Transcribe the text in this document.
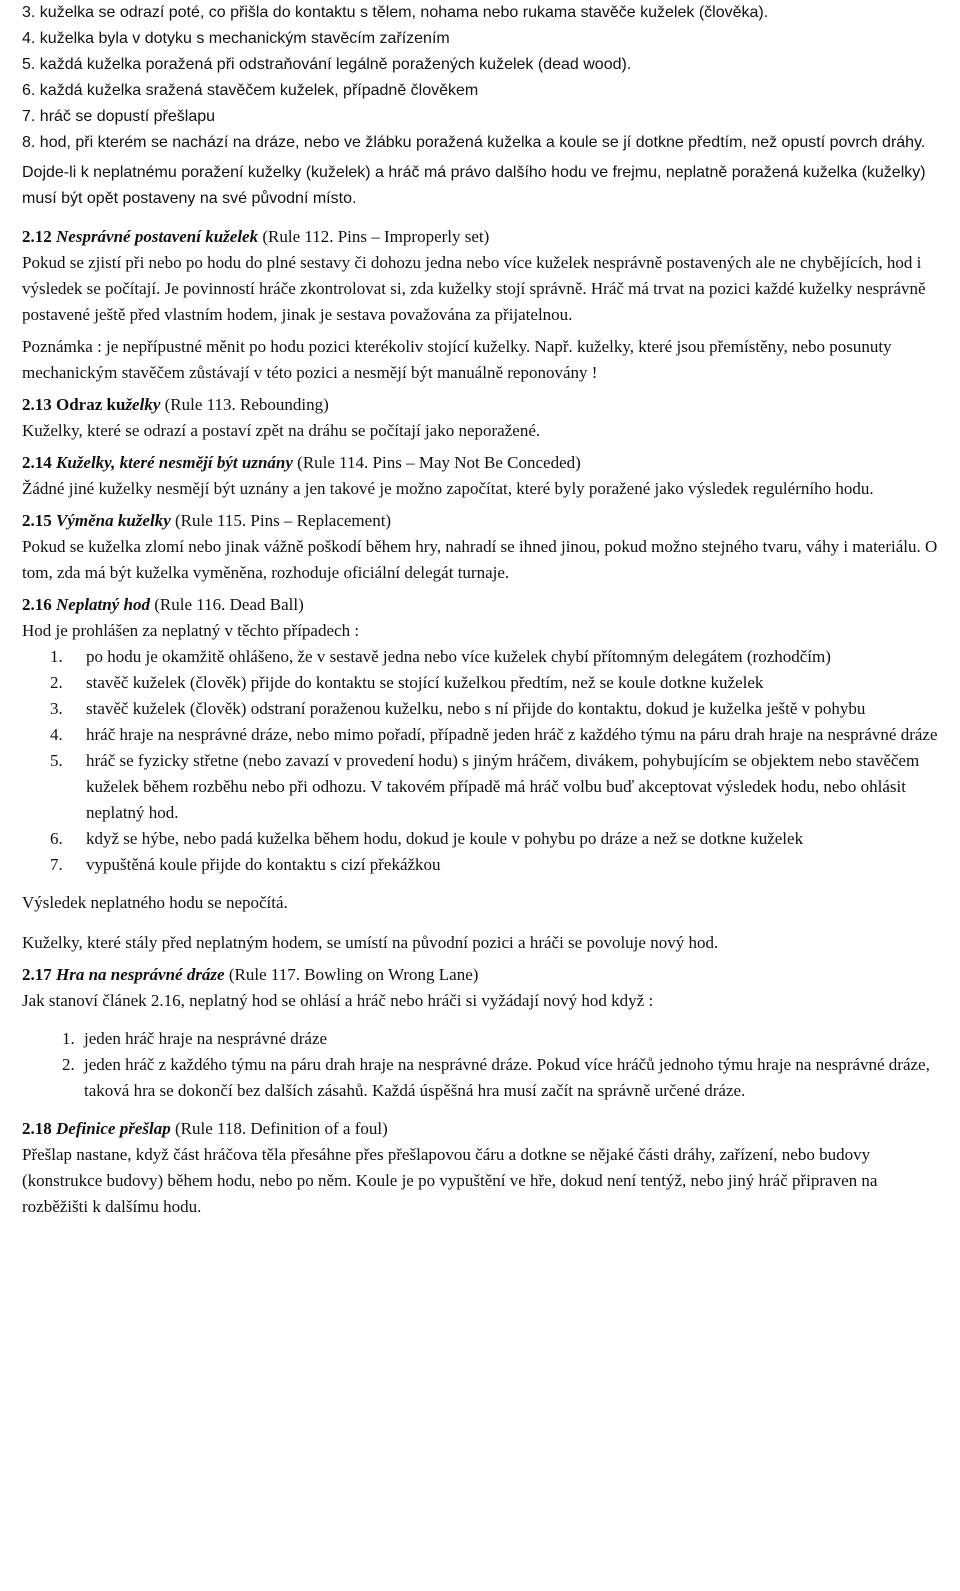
3. kuželka se odrazí poté, co přišla do kontaktu s tělem, nohama nebo rukama stavěče kuželek (člověka).

4. kuželka byla v dotyku s mechanickým stavěcím zařízením

5. každá kuželka poražená při odstraňování legálně poražených kuželek (dead wood).

6. každá kuželka sražená stavěčem kuželek, případně člověkem

7. hráč se dopustí přešlapu

8. hod, při kterém se nachází na dráze, nebo ve žlábku poražená kuželka a koule se jí dotkne předtím, než opustí povrch dráhy.

Dojde-li k neplatnému poražení kuželky (kuželek) a hráč má právo dalšího hodu ve frejmu, neplatně poražená kuželka (kuželky) musí být opět postaveny na své původní místo.

2.12 Nesprávné postavení kuželek (Rule 112. Pins – Improperly set)

Pokud se zjistí při nebo po hodu do plné sestavy či dohozu jedna nebo více kuželek nesprávně postavených ale ne chybějících, hod i výsledek se počítají. Je povinností hráče zkontrolovat si, zda kuželky stojí správně. Hráč má trvat na pozici každé kuželky nesprávně postavené ještě před vlastním hodem, jinak je sestava považována za přijatelnou.

Poznámka : je nepřípustné měnit po hodu pozici kterékoliv stojící kuželky. Např. kuželky, které jsou přemístěny, nebo posunuty mechanickým stavěčem zůstávají v této pozici a nesmějí být manuálně reponovány !

2.13 Odraz kuželky (Rule 113. Rebounding)

Kuželky, které se odrazí a postaví zpět na dráhu se počítají jako neporažené.

2.14 Kuželky, které nesmějí být uznány (Rule 114. Pins – May Not Be Conceded)

Žádné jiné kuželky nesmějí být uznány a jen takové je možno započítat, které byly poražené jako výsledek regulérního hodu.

2.15 Výměna kuželky (Rule 115. Pins – Replacement)

Pokud se kuželka zlomí nebo jinak vážně poškodí během hry, nahradí se ihned jinou, pokud možno stejného tvaru, váhy i materiálu. O tom, zda má být kuželka vyměněna, rozhoduje oficiální delegát turnaje.

2.16 Neplatný hod (Rule 116. Dead Ball)

Hod je prohlášen za neplatný v těchto případech :

1. po hodu je okamžitě ohlášeno, že v sestavě jedna nebo více kuželek chybí přítomným delegátem (rozhodčím)
2. stavěč kuželek (člověk) přijde do kontaktu se stojící kuželkou předtím, než se koule dotkne kuželek
3. stavěč kuželek (člověk) odstraní poraženou kuželku, nebo s ní přijde do kontaktu, dokud je kuželka ještě v pohybu
4. hráč hraje na nesprávné dráze, nebo mimo pořadí, případně jeden hráč z každého týmu na páru drah hraje na nesprávné dráze
5. hráč se fyzicky střetne (nebo zavazí v provedení hodu) s jiným hráčem, divákem, pohybujícím se objektem nebo stavěčem kuželek během rozběhu nebo při odhozu. V takovém případě má hráč volbu buď akceptovat výsledek hodu, nebo ohlásit neplatný hod.
6. když se hýbe, nebo padá kuželka během hodu, dokud je koule v pohybu po dráze a než se dotkne kuželek
7. vypuštěná koule přijde do kontaktu s cizí překážkou

Výsledek neplatného hodu se nepočítá.

Kuželky, které stály před neplatným hodem, se umístí na původní pozici a hráči se povoluje nový hod.

2.17 Hra na nesprávné dráze (Rule 117. Bowling on Wrong Lane)

Jak stanoví článek 2.16, neplatný hod se ohlásí a hráč nebo hráči si vyžádají nový hod když :

1. jeden hráč hraje na nesprávné dráze
2. jeden hráč z každého týmu na páru drah hraje na nesprávné dráze. Pokud více hráčů jednoho týmu hraje na nesprávné dráze, taková hra se dokončí bez dalších zásahů. Každá úspěšná hra musí začít na správně určené dráze.
2.18 Definice přešlap (Rule 118. Definition of a foul)

Přešlap nastane, když část hráčova těla přesáhne přes přešlapovou čáru a dotkne se nějaké části dráhy, zařízení, nebo budovy (konstrukce budovy) během hodu, nebo po něm. Koule je po vypuštění ve hře, dokud není tentýž, nebo jiný hráč připraven na rozběžišti k dalšímu hodu.
